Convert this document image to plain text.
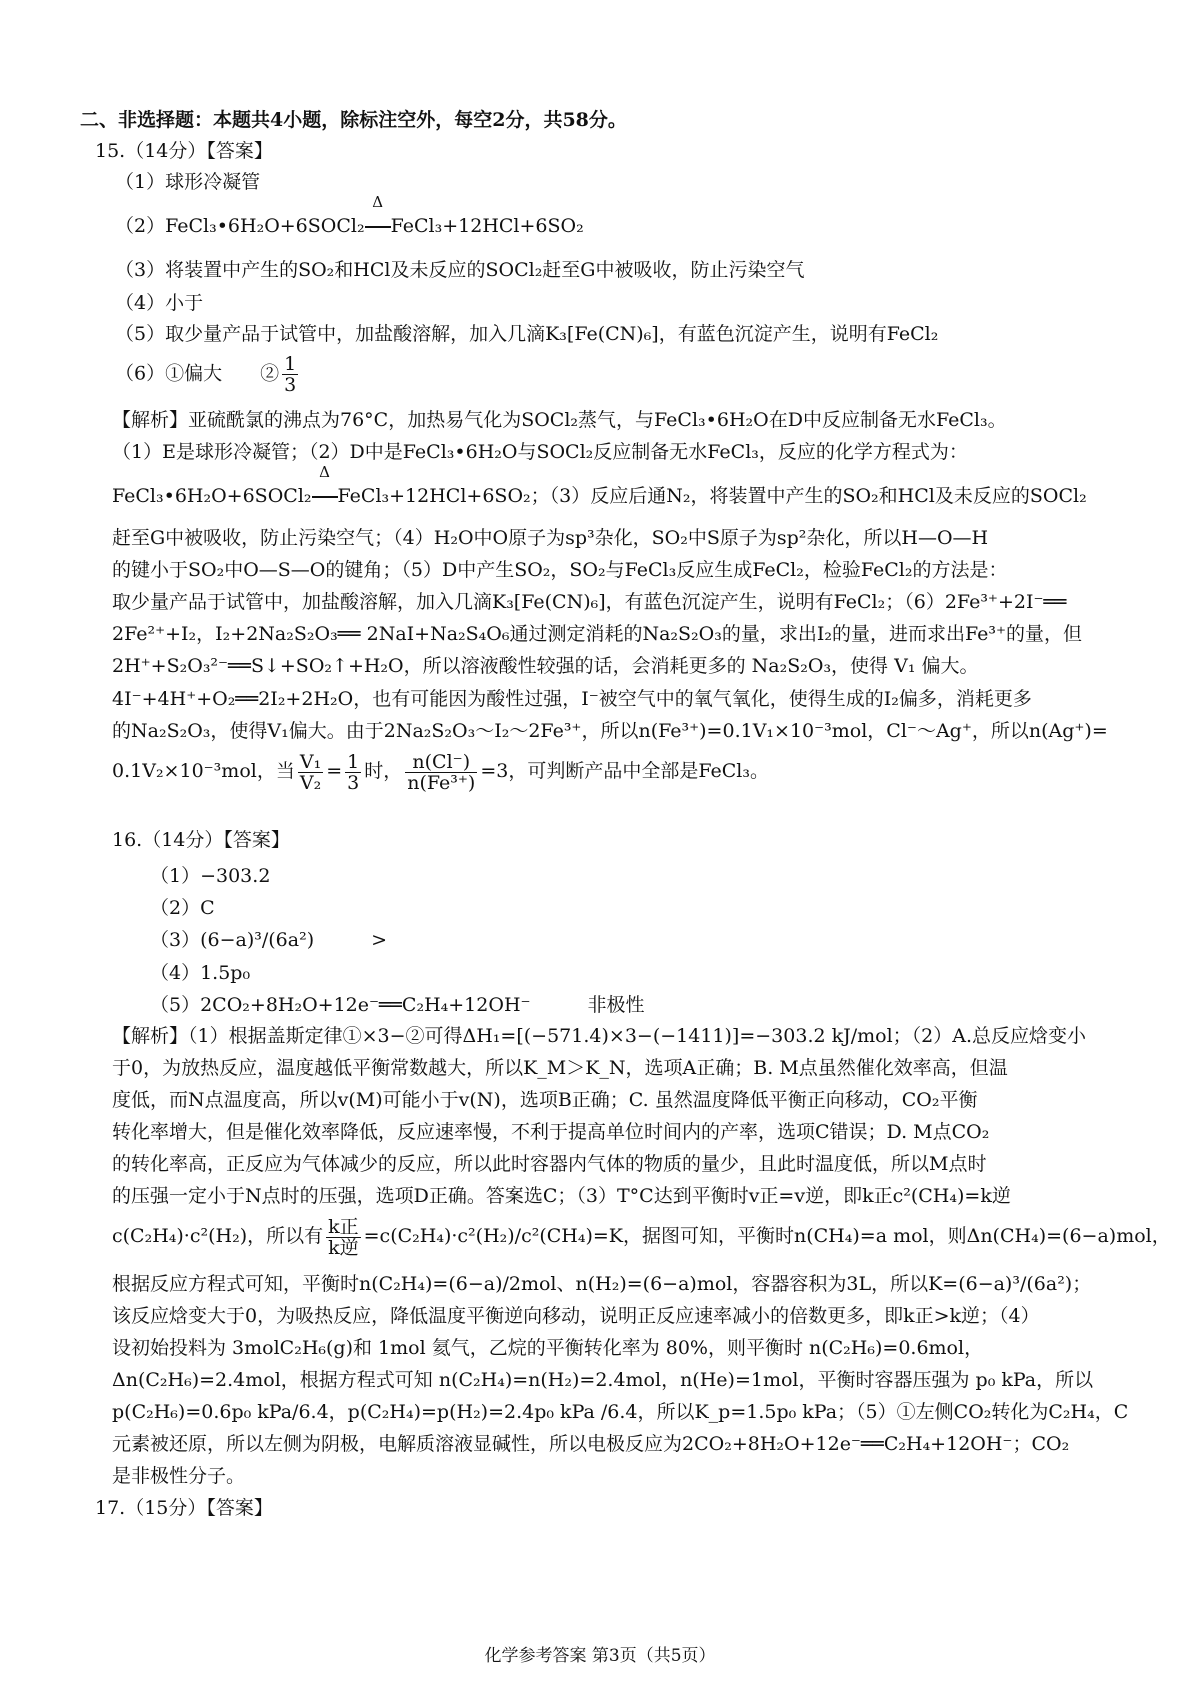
二、非选择题：本题共4小题，除标注空外，每空2分，共58分。
15.（14分）【答案】
（1）球形冷凝管
（2）FeCl₃•6H₂O+6SOCl₂
Δ
FeCl₃+12HCl+6SO₂
（3）将装置中产生的SO₂和HCl及未反应的SOCl₂赶至G中被吸收，防止污染空气
（4）小于
（5）取少量产品于试管中，加盐酸溶解，加入几滴K₃[Fe(CN)₆]，有蓝色沉淀产生，说明有FeCl₂
（6）①偏大　　② $\frac{1}{3}$
【解析】亚硫酰氯的沸点为76°C，加热易气化为SOCl₂蒸气，与FeCl₃•6H₂O在D中反应制备无水FeCl₃。
（1）E是球形冷凝管；（2）D中是FeCl₃•6H₂O与SOCl₂反应制备无水FeCl₃，反应的化学方程式为：
FeCl₃•6H₂O+6SOCl₂
Δ
FeCl₃+12HCl+6SO₂；（3）反应后通N₂，将装置中产生的SO₂和HCl及未反应的SOCl₂
赶至G中被吸收，防止污染空气；（4）H₂O中O原子为sp³杂化，SO₂中S原子为sp²杂化，所以H—O—H
的键小于SO₂中O—S—O的键角；（5）D中产生SO₂，SO₂与FeCl₃反应生成FeCl₂，检验FeCl₂的方法是：
取少量产品于试管中，加盐酸溶解，加入几滴K₃[Fe(CN)₆]，有蓝色沉淀产生，说明有FeCl₂；（6）2Fe³⁺+2I⁻══
2Fe²⁺+I₂，I₂+2Na₂S₂O₃══ 2NaI+Na₂S₄O₆通过测定消耗的Na₂S₂O₃的量，求出I₂的量，进而求出Fe³⁺的量，但
2H⁺+S₂O₃²⁻══S↓+SO₂↑+H₂O，所以溶液酸性较强的话，会消耗更多的 Na₂S₂O₃，使得 V₁ 偏大。
4I⁻+4H⁺+O₂══2I₂+2H₂O，也有可能因为酸性过强，I⁻被空气中的氧气氧化，使得生成的I₂偏多，消耗更多
的Na₂S₂O₃，使得V₁偏大。由于2Na₂S₂O₃～I₂～2Fe³⁺，所以n(Fe³⁺)=0.1V₁×10⁻³mol，Cl⁻～Ag⁺，所以n(Ag⁺)=
0.1V₂×10⁻³mol，当 $\frac{\text{V₁}}{\text{V₂}} = \frac{1}{3}$ 时， $\frac{n(Cl^-)}{\text{n(Fe³⁺)}} =3$，可判断产品中全部是FeCl₃。
16.（14分）【答案】
（1）−303.2
（2）C
（3）(6−a)³/(6a²)　　　>
（4）1.5p₀
（5）2CO₂+8H₂O+12e⁻══C₂H₄+12OH⁻　　　非极性
【解析】（1）根据盖斯定律①×3−②可得ΔH₁=[(−571.4)×3−(−1411)]=−303.2 kJ/mol；（2）A.总反应焓变小
于0，为放热反应，温度越低平衡常数越大，所以K_M＞K_N，选项A正确；B. M点虽然催化效率高，但温
度低，而N点温度高，所以v(M)可能小于v(N)，选项B正确；C. 虽然温度降低平衡正向移动，CO₂平衡
转化率增大，但是催化效率降低，反应速率慢，不利于提高单位时间内的产率，选项C错误；D. M点CO₂
的转化率高，正反应为气体减少的反应，所以此时容器内气体的物质的量少，且此时温度低，所以M点时
的压强一定小于N点时的压强，选项D正确。答案选C；（3）T°C达到平衡时v正=v逆，即k正c²(CH₄)=k逆
c(C₂H₄)·c²(H₂)，所以有 $\frac{\text{k正}}{\text{k逆}} =c(C_2H_4)\cdot c^2(H_2)/c^2(CH_4)=K$，据图可知，平衡时n(CH₄)=a mol，则Δn(CH₄)=(6−a)mol，
根据反应方程式可知，平衡时n(C₂H₄)=(6−a)/2mol、n(H₂)=(6−a)mol，容器容积为3L，所以K=(6−a)³/(6a²)；
该反应焓变大于0，为吸热反应，降低温度平衡逆向移动，说明正反应速率减小的倍数更多，即k正>k逆；（4）
设初始投料为 3molC₂H₆(g)和 1mol 氦气，乙烷的平衡转化率为 80%，则平衡时 n(C₂H₆)=0.6mol，
Δn(C₂H₆)=2.4mol，根据方程式可知 n(C₂H₄)=n(H₂)=2.4mol，n(He)=1mol，平衡时容器压强为 p₀ kPa，所以
p(C₂H₆)=0.6p₀ kPa/6.4，p(C₂H₄)=p(H₂)=2.4p₀ kPa /6.4，所以K_p=1.5p₀ kPa；（5）①左侧CO₂转化为C₂H₄，C
元素被还原，所以左侧为阴极，电解质溶液显碱性，所以电极反应为2CO₂+8H₂O+12e⁻══C₂H₄+12OH⁻；CO₂
是非极性分子。
17.（15分）【答案】
化学参考答案 第3页（共5页）
